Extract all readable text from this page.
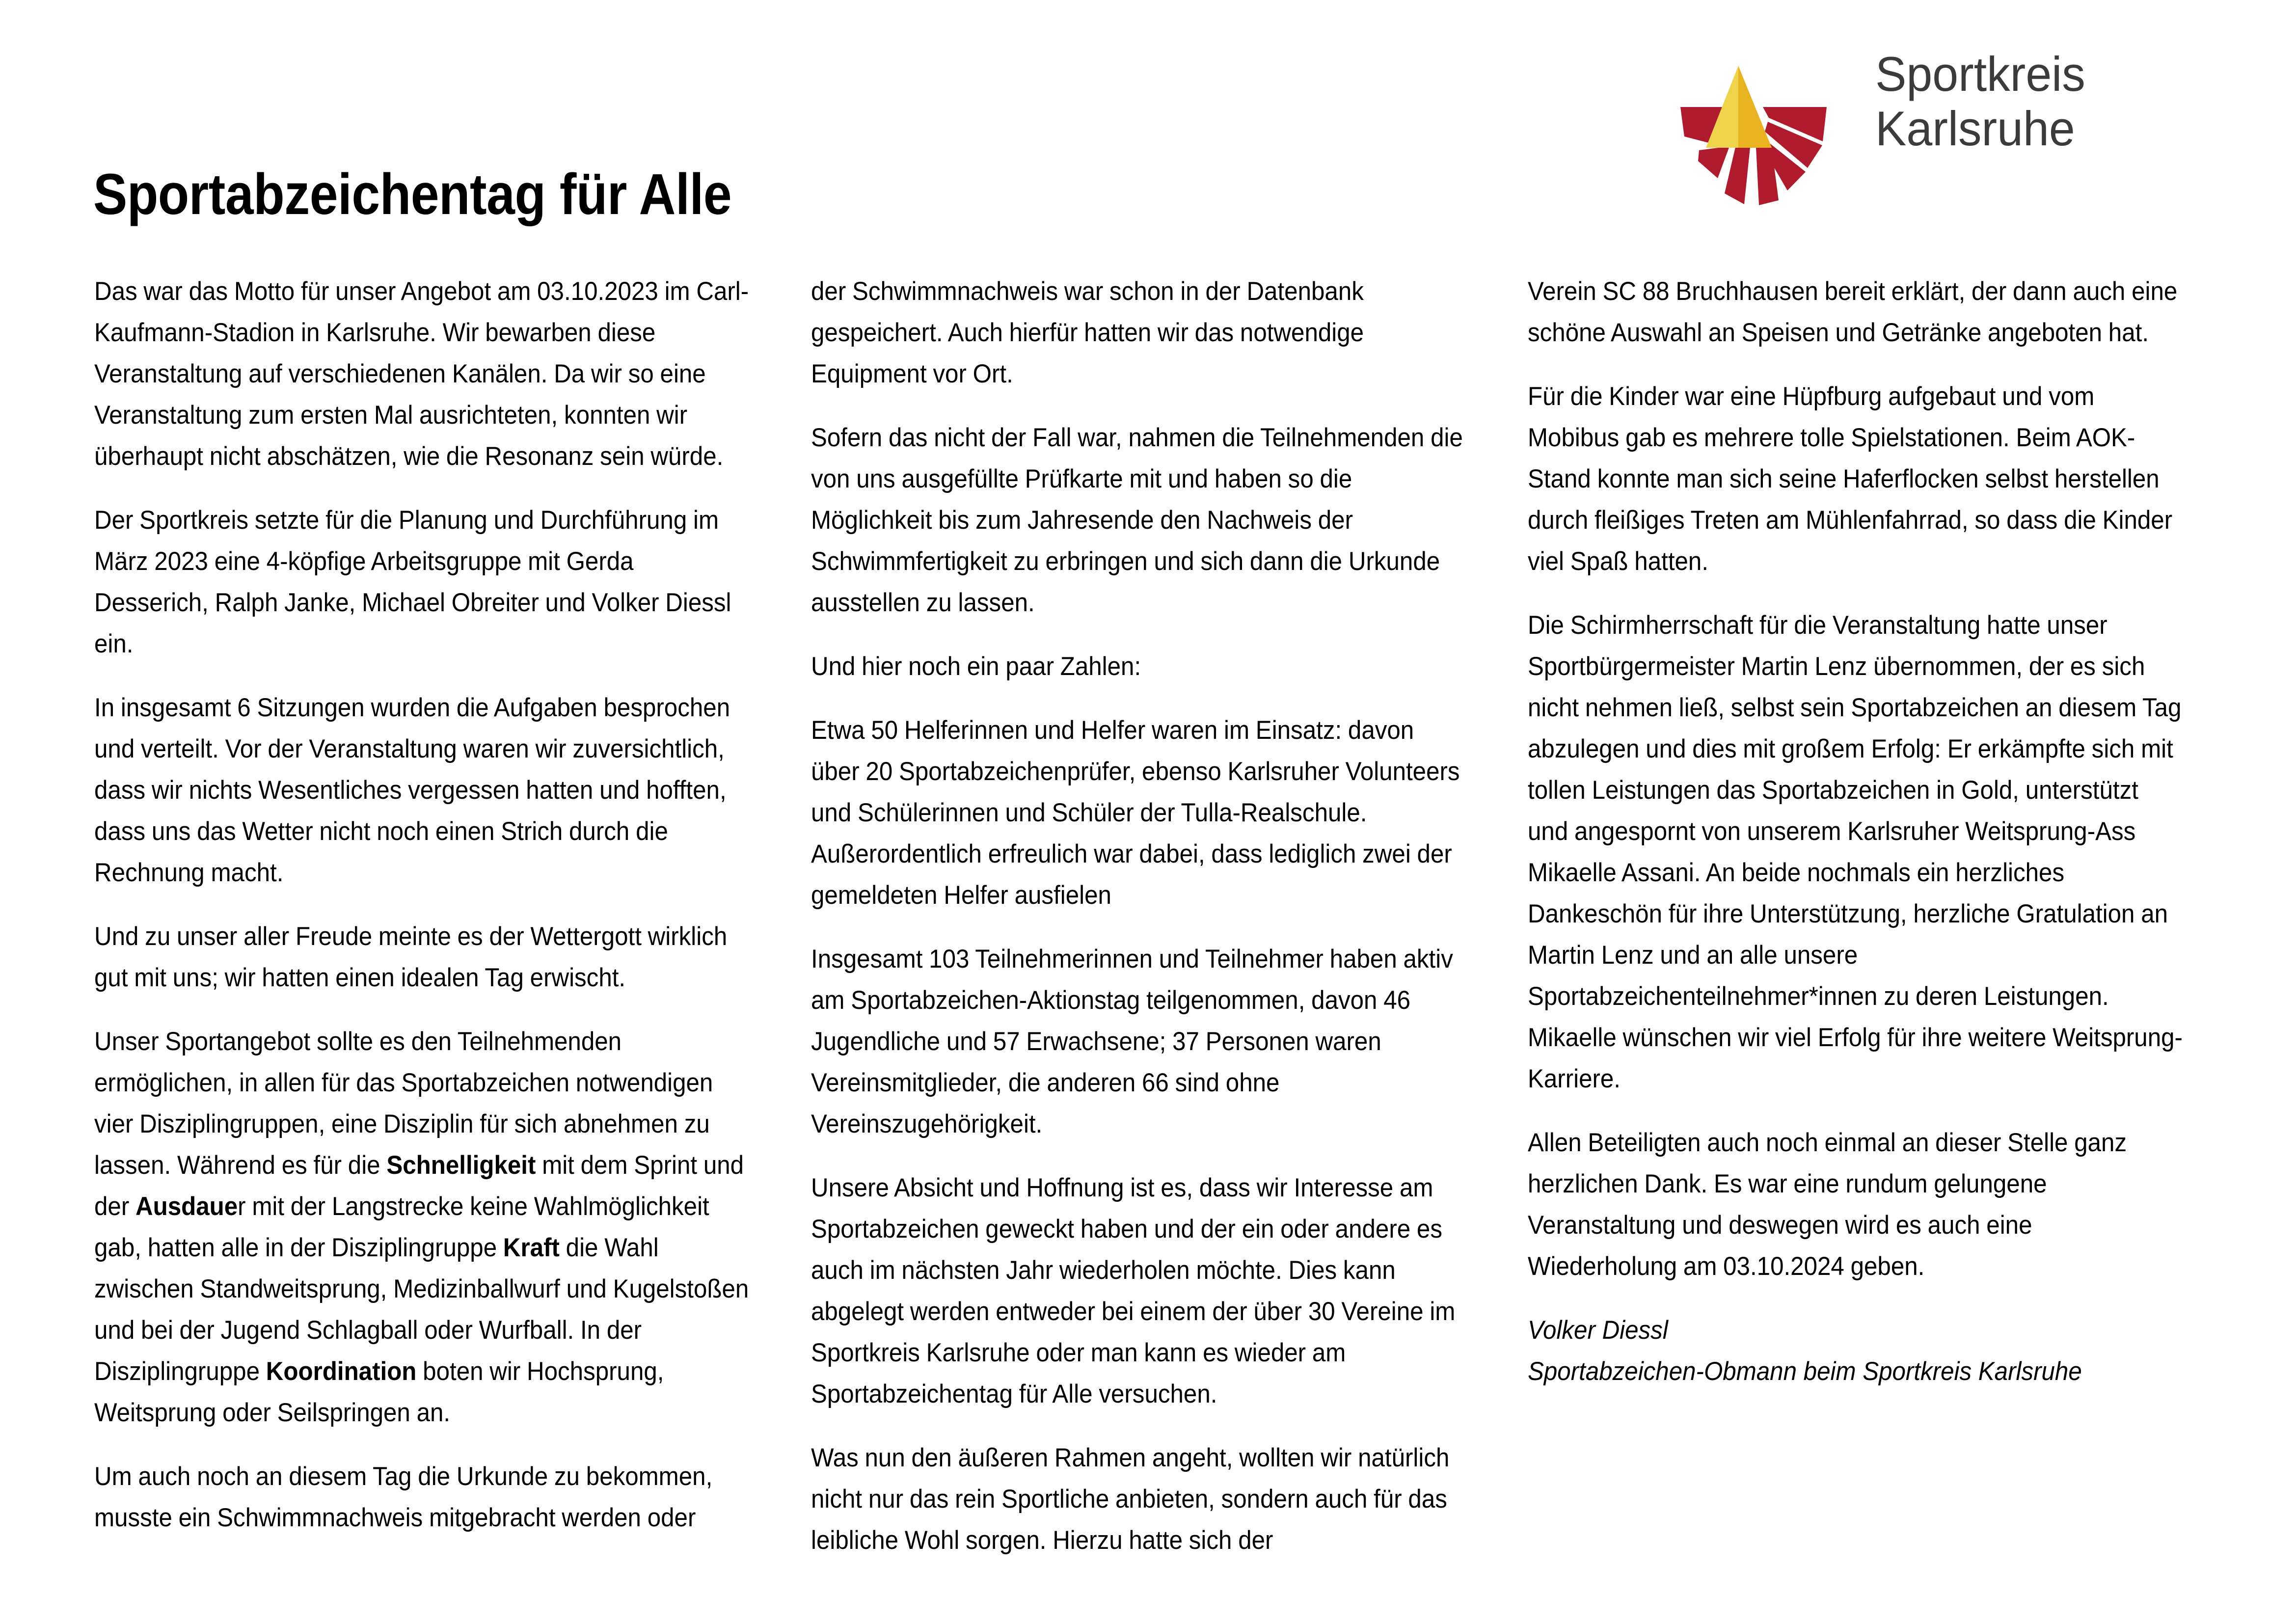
Sportabzeichentag für Alle
Sportkreis
Karlsruhe

Das war das Motto für unser Angebot am 03.10.2023 im Carl-Kaufmann-Stadion in Karlsruhe. Wir bewarben diese Veranstaltung auf verschiedenen Kanälen. Da wir so eine Veranstaltung zum ersten Mal ausrichteten, konnten wir überhaupt nicht abschätzen, wie die Resonanz sein würde.

Der Sportkreis setzte für die Planung und Durchführung im März 2023 eine 4-köpfige Arbeitsgruppe mit Gerda Desserich, Ralph Janke, Michael Obreiter und Volker Diessl ein.

In insgesamt 6 Sitzungen wurden die Aufgaben besprochen und verteilt. Vor der Veranstaltung waren wir zuversichtlich, dass wir nichts Wesentliches vergessen hatten und hofften, dass uns das Wetter nicht noch einen Strich durch die Rechnung macht.

Und zu unser aller Freude meinte es der Wettergott wirklich gut mit uns; wir hatten einen idealen Tag erwischt.

Unser Sportangebot sollte es den Teilnehmenden ermöglichen, in allen für das Sportabzeichen notwendigen vier Disziplingruppen, eine Disziplin für sich abnehmen zu lassen. Während es für die Schnelligkeit mit dem Sprint und der Ausdauer mit der Langstrecke keine Wahlmöglichkeit gab, hatten alle in der Disziplingruppe Kraft die Wahl zwischen Standweitsprung, Medizinballwurf und Kugelstoßen und bei der Jugend Schlagball oder Wurfball. In der Disziplingruppe Koordination boten wir Hochsprung, Weitsprung oder Seilspringen an.

Um auch noch an diesem Tag die Urkunde zu bekommen, musste ein Schwimmnachweis mitgebracht werden oder

der Schwimmnachweis war schon in der Datenbank gespeichert. Auch hierfür hatten wir das notwendige Equipment vor Ort.

Sofern das nicht der Fall war, nahmen die Teilnehmenden die von uns ausgefüllte Prüfkarte mit und haben so die Möglichkeit bis zum Jahresende den Nachweis der Schwimmfertigkeit zu erbringen und sich dann die Urkunde ausstellen zu lassen.

Und hier noch ein paar Zahlen:

Etwa 50 Helferinnen und Helfer waren im Einsatz: davon über 20 Sportabzeichenprüfer, ebenso Karlsruher Volunteers und Schülerinnen und Schüler der Tulla-Realschule. Außerordentlich erfreulich war dabei, dass lediglich zwei der gemeldeten Helfer ausfielen

Insgesamt 103 Teilnehmerinnen und Teilnehmer haben aktiv am Sportabzeichen-Aktionstag teilgenommen, davon 46 Jugendliche und 57 Erwachsene; 37 Personen waren Vereinsmitglieder, die anderen 66 sind ohne Vereinszugehörigkeit.

Unsere Absicht und Hoffnung ist es, dass wir Interesse am Sportabzeichen geweckt haben und der ein oder andere es auch im nächsten Jahr wiederholen möchte. Dies kann abgelegt werden entweder bei einem der über 30 Vereine im Sportkreis Karlsruhe oder man kann es wieder am Sportabzeichentag für Alle versuchen.

Was nun den äußeren Rahmen angeht, wollten wir natürlich nicht nur das rein Sportliche anbieten, sondern auch für das leibliche Wohl sorgen. Hierzu hatte sich der

Verein SC 88 Bruchhausen bereit erklärt, der dann auch eine schöne Auswahl an Speisen und Getränke angeboten hat.

Für die Kinder war eine Hüpfburg aufgebaut und vom Mobibus gab es mehrere tolle Spielstationen. Beim AOK-Stand konnte man sich seine Haferflocken selbst herstellen durch fleißiges Treten am Mühlenfahrrad, so dass die Kinder viel Spaß hatten.

Die Schirmherrschaft für die Veranstaltung hatte unser Sportbürgermeister Martin Lenz übernommen, der es sich nicht nehmen ließ, selbst sein Sportabzeichen an diesem Tag abzulegen und dies mit großem Erfolg: Er erkämpfte sich mit tollen Leistungen das Sportabzeichen in Gold, unterstützt und angespornt von unserem Karlsruher Weitsprung-Ass Mikaelle Assani. An beide nochmals ein herzliches Dankeschön für ihre Unterstützung, herzliche Gratulation an Martin Lenz und an alle unsere Sportabzeichenteilnehmer*innen zu deren Leistungen. Mikaelle wünschen wir viel Erfolg für ihre weitere Weitsprung-Karriere.

Allen Beteiligten auch noch einmal an dieser Stelle ganz herzlichen Dank. Es war eine rundum gelungene Veranstaltung und deswegen wird es auch eine Wiederholung am 03.10.2024 geben.

Volker Diessl

Sportabzeichen-Obmann beim Sportkreis Karlsruhe
